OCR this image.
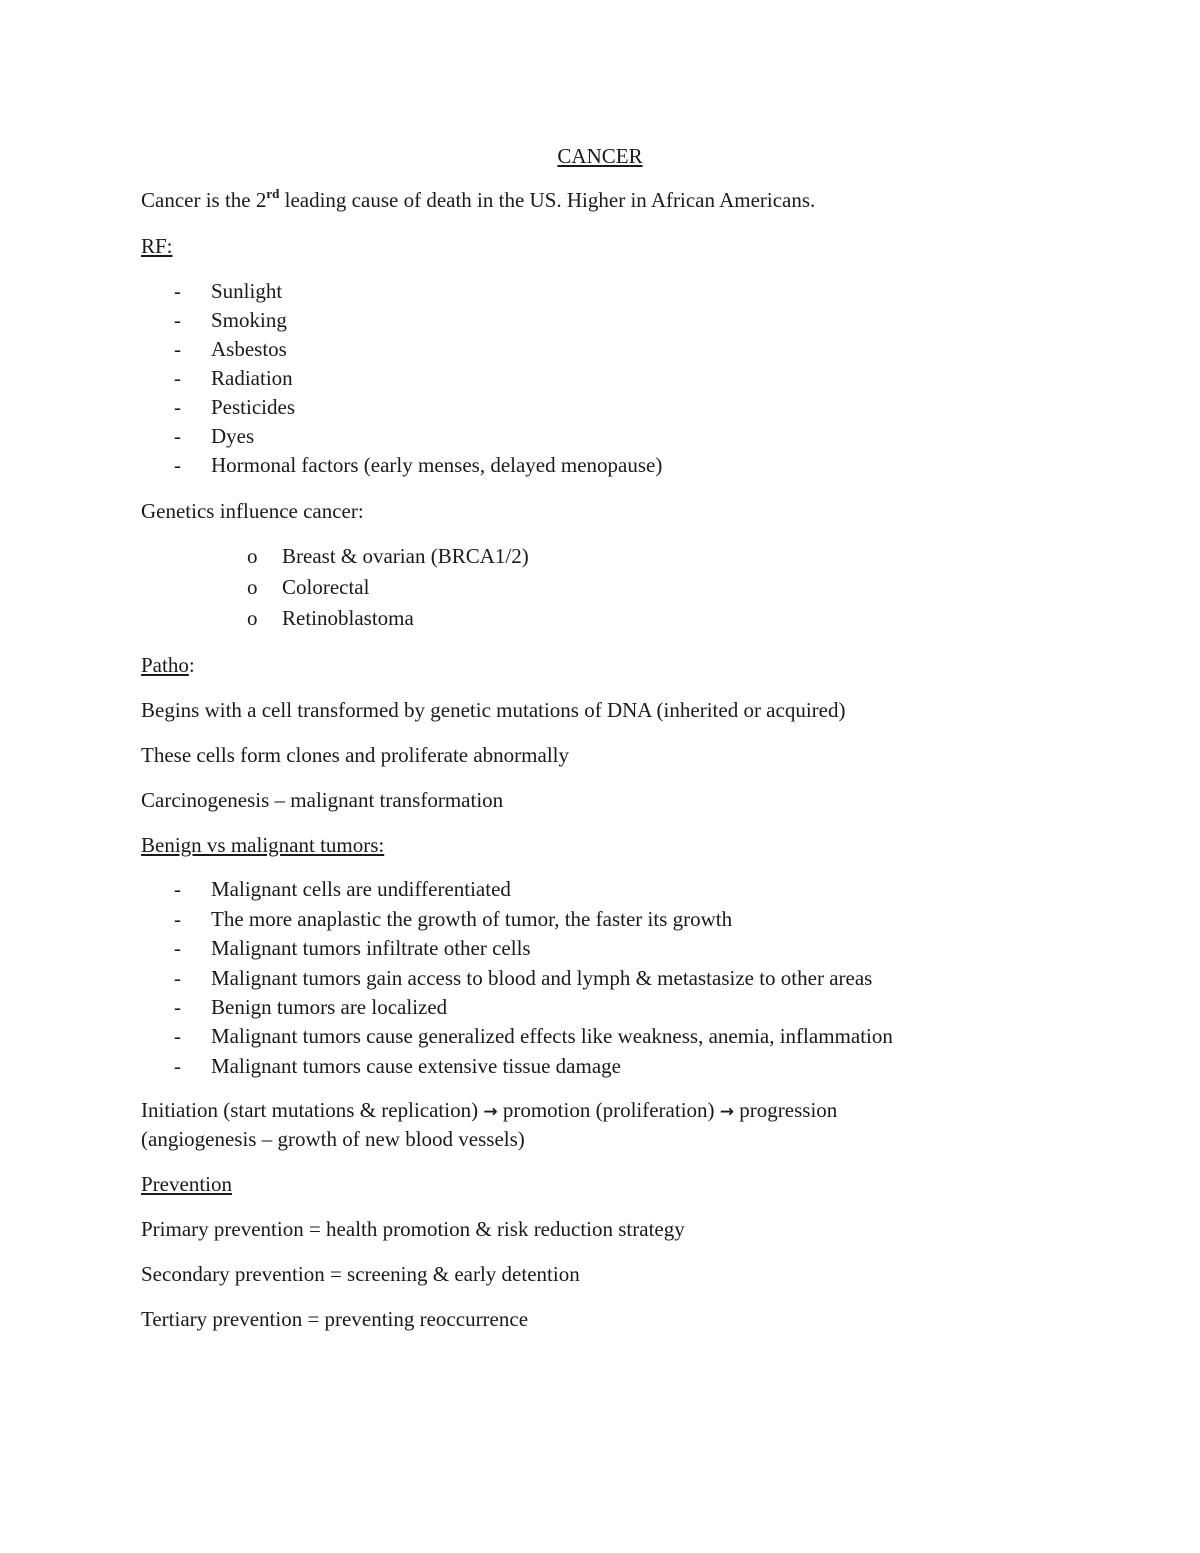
CANCER
Cancer is the 2rd leading cause of death in the US. Higher in African Americans.
RF:
- Sunlight
- Smoking
- Asbestos
- Radiation
- Pesticides
- Dyes
- Hormonal factors (early menses, delayed menopause)
Genetics influence cancer:
o Breast & ovarian (BRCA1/2)
o Colorectal
o Retinoblastoma
Patho:
Begins with a cell transformed by genetic mutations of DNA (inherited or acquired)
These cells form clones and proliferate abnormally
Carcinogenesis – malignant transformation
Benign vs malignant tumors:
- Malignant cells are undifferentiated
- The more anaplastic the growth of tumor, the faster its growth
- Malignant tumors infiltrate other cells
- Malignant tumors gain access to blood and lymph & metastasize to other areas
- Benign tumors are localized
- Malignant tumors cause generalized effects like weakness, anemia, inflammation
- Malignant tumors cause extensive tissue damage
Initiation (start mutations & replication) → promotion (proliferation) → progression
(angiogenesis – growth of new blood vessels)
Prevention
Primary prevention = health promotion & risk reduction strategy
Secondary prevention = screening & early detention
Tertiary prevention = preventing reoccurrence
